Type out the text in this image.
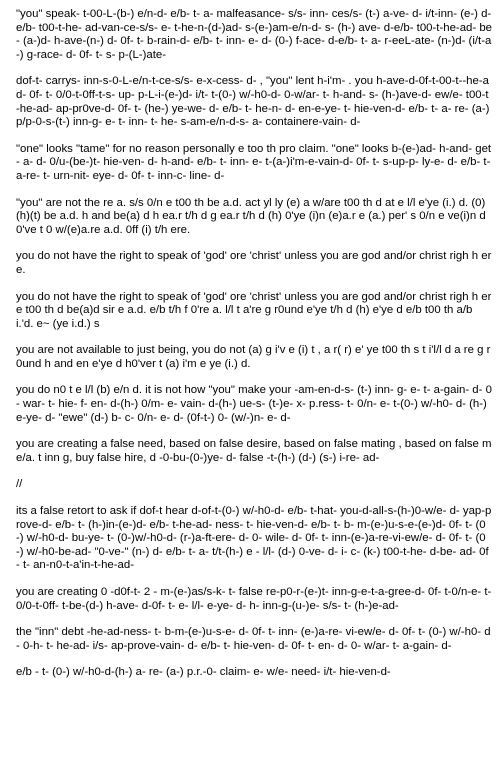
"you" speak- t-00-L-(b-) e/n-d- e/b- t- a- malfeasance- s/s- inn- ces/s- (t-) a-ve- d- i/t-inn- (e-) d- e/b- t00-t-he- ad-van-ce-s/s- e- t-he-n-(d-)ad- s-(e-)am-e/n-d- s- (h-) ave- d-e/b- t00-t-he-ad- be- (a-)d- h-ave-(n-) d- 0f- t- b-rain-d- e/b- t- inn- e- d- (0-) f-ace- d-e/b- t- a- r-eeL-ate- (n-)d- (i/t-a-) g-race- d- 0f- t- s- p-(L-)ate-

dof-t- carrys- inn-s-0-L-e/n-t-ce-s/s- e-x-cess- d- , "you" lent h-i'm- . you h-ave-d-0f-t-00-t--he-ad- 0f- t- 0/0-t-0ff-t-s- up- p-L-i-(e-)d- i/t- t-(0-) w/-h0-d- 0-w/ar- t- h-and- s- (h-)ave-d- ew/e- t00-t-he-ad- ap-pr0ve-d- 0f- t- (he-) ye-we- d- e/b- t- he-n- d- en-e-ye- t- hie-ven-d- e/b- t- a- re- (a-) p/p-0-s-(t-) inn-g- e- t- inn- t- he- s-am-e/n-d-s- a- containere-vain- d-

"one" looks "tame" for no reason personally e too th pro claim. "one" looks b-(e-)ad- h-and- get- a- d- 0/u-(be-)t- hie-ven- d- h-and- e/b- t- inn- e- t-(a-)i'm-e-vain-d- 0f- t- s-up-p- ly-e- d- e/b- t- a-re- t- urn-nit- eye- d- 0f- t- inn-c- line- d-

"you" are not the re a. s/s 0/n e t00 th be a.d. act yl ly (e) a w/are t00 th d at e l/l e'ye (i.) d. (0)(h)(t) be a.d. h and be(a) d h ea.r t/h d g ea.r t/h d (h) 0'ye (i)n (e)a.r e (a.) per' s 0/n e ve(i)n d 0've t 0 w/(e)a.re a.d. 0ff (i) t/h ere.

you do not have the right to speak of 'god' ore 'christ' unless you are god and/or christ righ h ere.

you do not have the right to speak of 'god' ore 'christ' unless you are god and/or christ righ h ere t00 th d be(a)d sir e a.d. e/b t/h f 0're a. l/l t a're g r0und e'ye t/h d (h) e'ye d e/b t00 th a/b i.'d. e~ (ye i.d.) s

you are not available to just being, you do not (a) g i'v e (i) t , a r( r) e' ye t00 th s t i'l/l d a re g r0und h and en e'ye d h0'ver t (a) i'm e ye (i.) d.

you do n0 t e l/l (b) e/n d. it is not how "you" make your -am-en-d-s- (t-) inn- g- e- t- a-gain- d- 0- war- t- hie- f- en- d-(h-) 0/m- e- vain- d-(h-) ue-s- (t-)e- x- p.ress- t- 0/n- e- t-(0-) w/-h0- d- (h-) e-ye- d- "ewe" (d-) b- c- 0/n- e- d- (0f-t-) 0- (w/-)n- e- d-

you are creating a false need, based on false desire, based on false mating , based on false m e/a. t inn g, buy false hire, d -0-bu-(0-)ye- d- false -t-(h-) (d-) (s-) i-re- ad-

//

its a false retort to ask if dof-t hear d-of-t-(0-) w/-h0-d- e/b- t-hat- you-d-all-s-(h-)0-w/e- d- yap-prove-d- e/b- t- (h-)in-(e-)d- e/b- t-he-ad- ness- t- hie-ven-d- e/b- t- b- m-(e-)u-s-e-(e-)d- 0f- t- (0-) w/-h0-d- bu-ye- t- (0-)w/-h0-d- (r-)a-ft-ere- d- 0- wile- d- 0f- t- inn-(e-)a-re-vi-ew/e- d- 0f- t- (0-) w/-h0-be-ad- "0-ve-" (n-) d- e/b- t- a- t/t-(h-) e - l/l- (d-) 0-ve- d- i- c- (k-) t00-t-he- d-be- ad- 0f- t- an-n0-t-a'in-t-he-ad-

you are creating 0 -d0f-t- 2 - m-(e-)as/s-k- t- false re-p0-r-(e-)t- inn-g-e-t-a-gree-d- 0f- t-0/n-e- t-0/0-t-0ff- t-be-(d-) h-ave- d-0f- t- e- l/l- e-ye- d- h- inn-g-(u-)e- s/s- t- (h-)e-ad-

the "inn" debt -he-ad-ness- t- b-m-(e-)u-s-e- d- 0f- t- inn- (e-)a-re- vi-ew/e- d- 0f- t- (0-) w/-h0- d- 0-h- t- he-ad- i/s- ap-prove-vain- d- e/b- t- hie-ven- d- 0f- t- en- d- 0- w/ar- t- a-gain- d-

e/b - t- (0-) w/-h0-d-(h-) a- re- (a-) p.r.-0- claim- e- w/e- need- i/t- hie-ven-d-
